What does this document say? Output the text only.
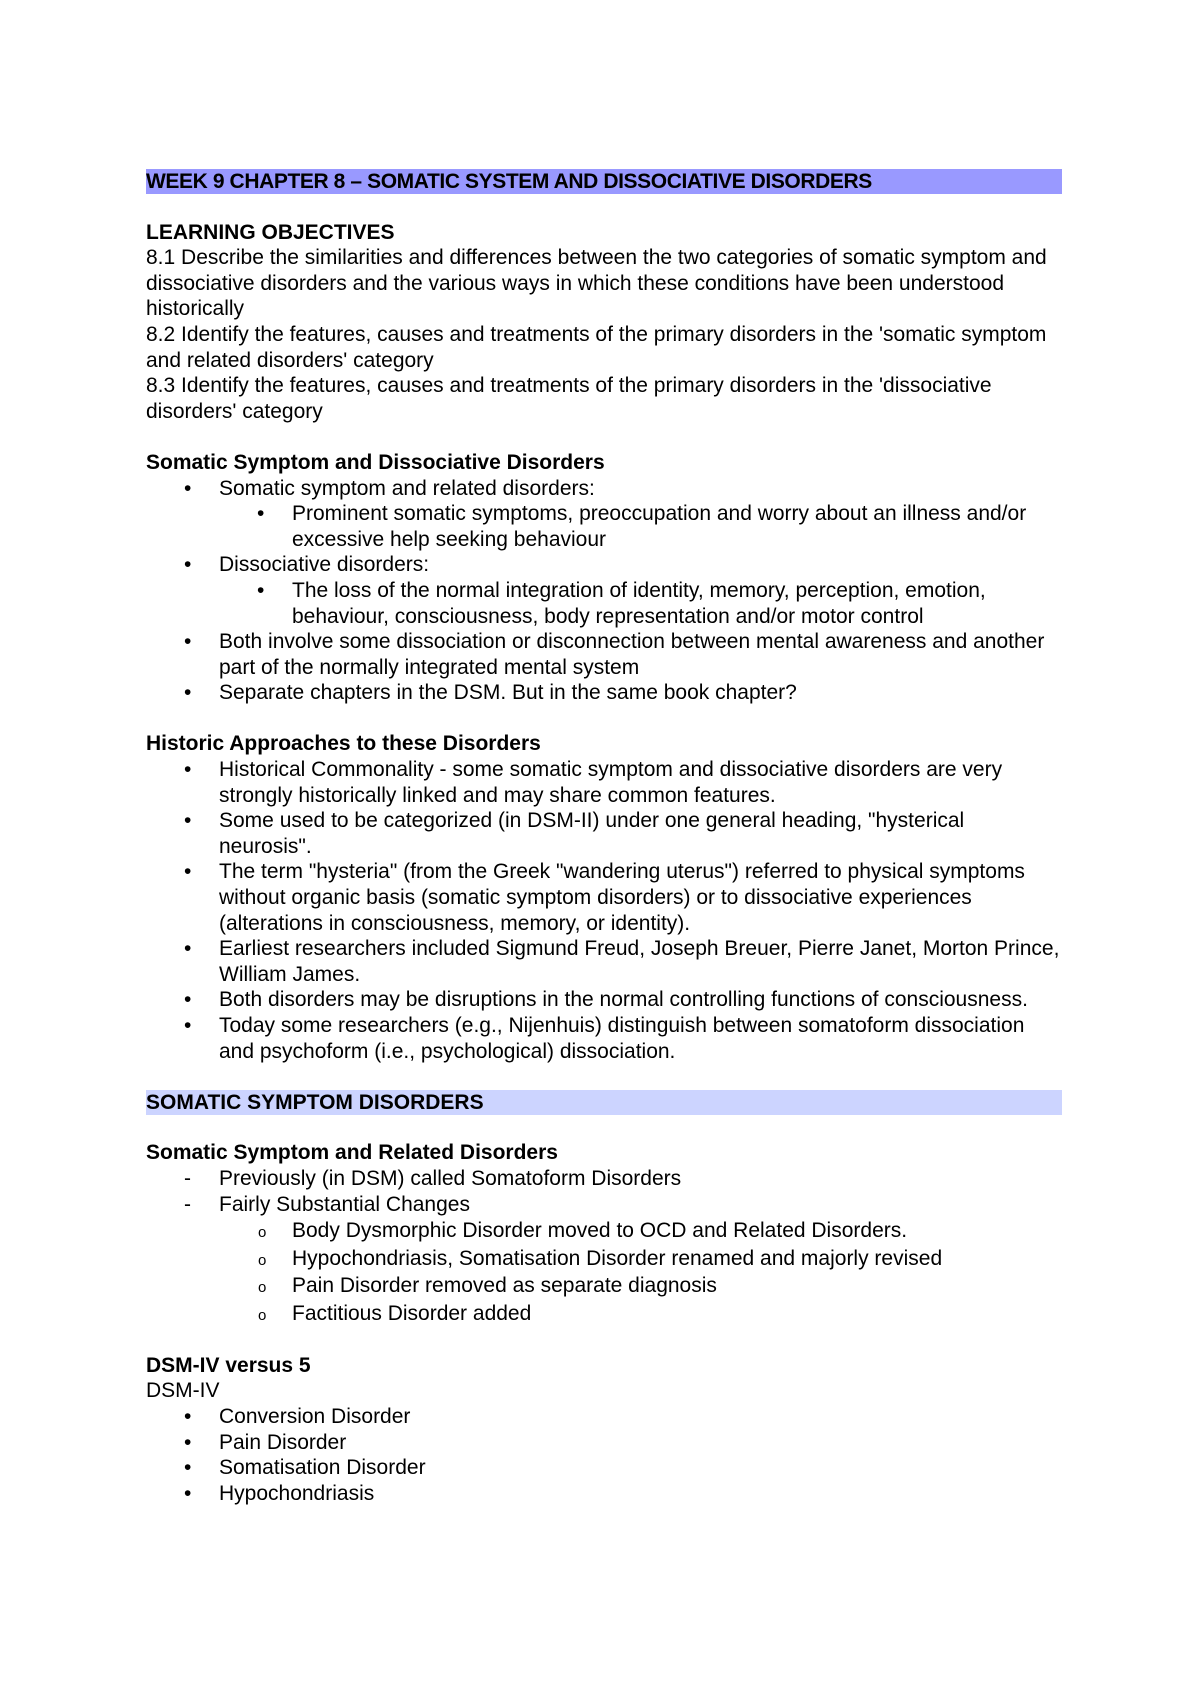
WEEK 9 CHAPTER 8 – SOMATIC SYSTEM AND DISSOCIATIVE DISORDERS
LEARNING OBJECTIVES

8.1 Describe the similarities and differences between the two categories of somatic symptom and dissociative disorders and the various ways in which these conditions have been understood historically

8.2 Identify the features, causes and treatments of the primary disorders in the 'somatic symptom and related disorders' category

8.3 Identify the features, causes and treatments of the primary disorders in the 'dissociative disorders' category

Somatic Symptom and Dissociative Disorders
• Somatic symptom and related disorders:
• Prominent somatic symptoms, preoccupation and worry about an illness and/or excessive help seeking behaviour
• Dissociative disorders:
• The loss of the normal integration of identity, memory, perception, emotion, behaviour, consciousness, body representation and/or motor control
• Both involve some dissociation or disconnection between mental awareness and another part of the normally integrated mental system
• Separate chapters in the DSM. But in the same book chapter?
Historic Approaches to these Disorders
• Historical Commonality - some somatic symptom and dissociative disorders are very strongly historically linked and may share common features.
• Some used to be categorized (in DSM-II) under one general heading, "hysterical neurosis".
• The term "hysteria" (from the Greek "wandering uterus") referred to physical symptoms without organic basis (somatic symptom disorders) or to dissociative experiences (alterations in consciousness, memory, or identity).
• Earliest researchers included Sigmund Freud, Joseph Breuer, Pierre Janet, Morton Prince, William James.
• Both disorders may be disruptions in the normal controlling functions of consciousness.
• Today some researchers (e.g., Nijenhuis) distinguish between somatoform dissociation and psychoform (i.e., psychological) dissociation.
SOMATIC SYMPTOM DISORDERS
Somatic Symptom and Related Disorders
- Previously (in DSM) called Somatoform Disorders
- Fairly Substantial Changes
o Body Dysmorphic Disorder moved to OCD and Related Disorders.
o Hypochondriasis, Somatisation Disorder renamed and majorly revised
o Pain Disorder removed as separate diagnosis
o Factitious Disorder added
DSM-IV versus 5
DSM-IV
• Conversion Disorder
• Pain Disorder
• Somatisation Disorder
• Hypochondriasis
